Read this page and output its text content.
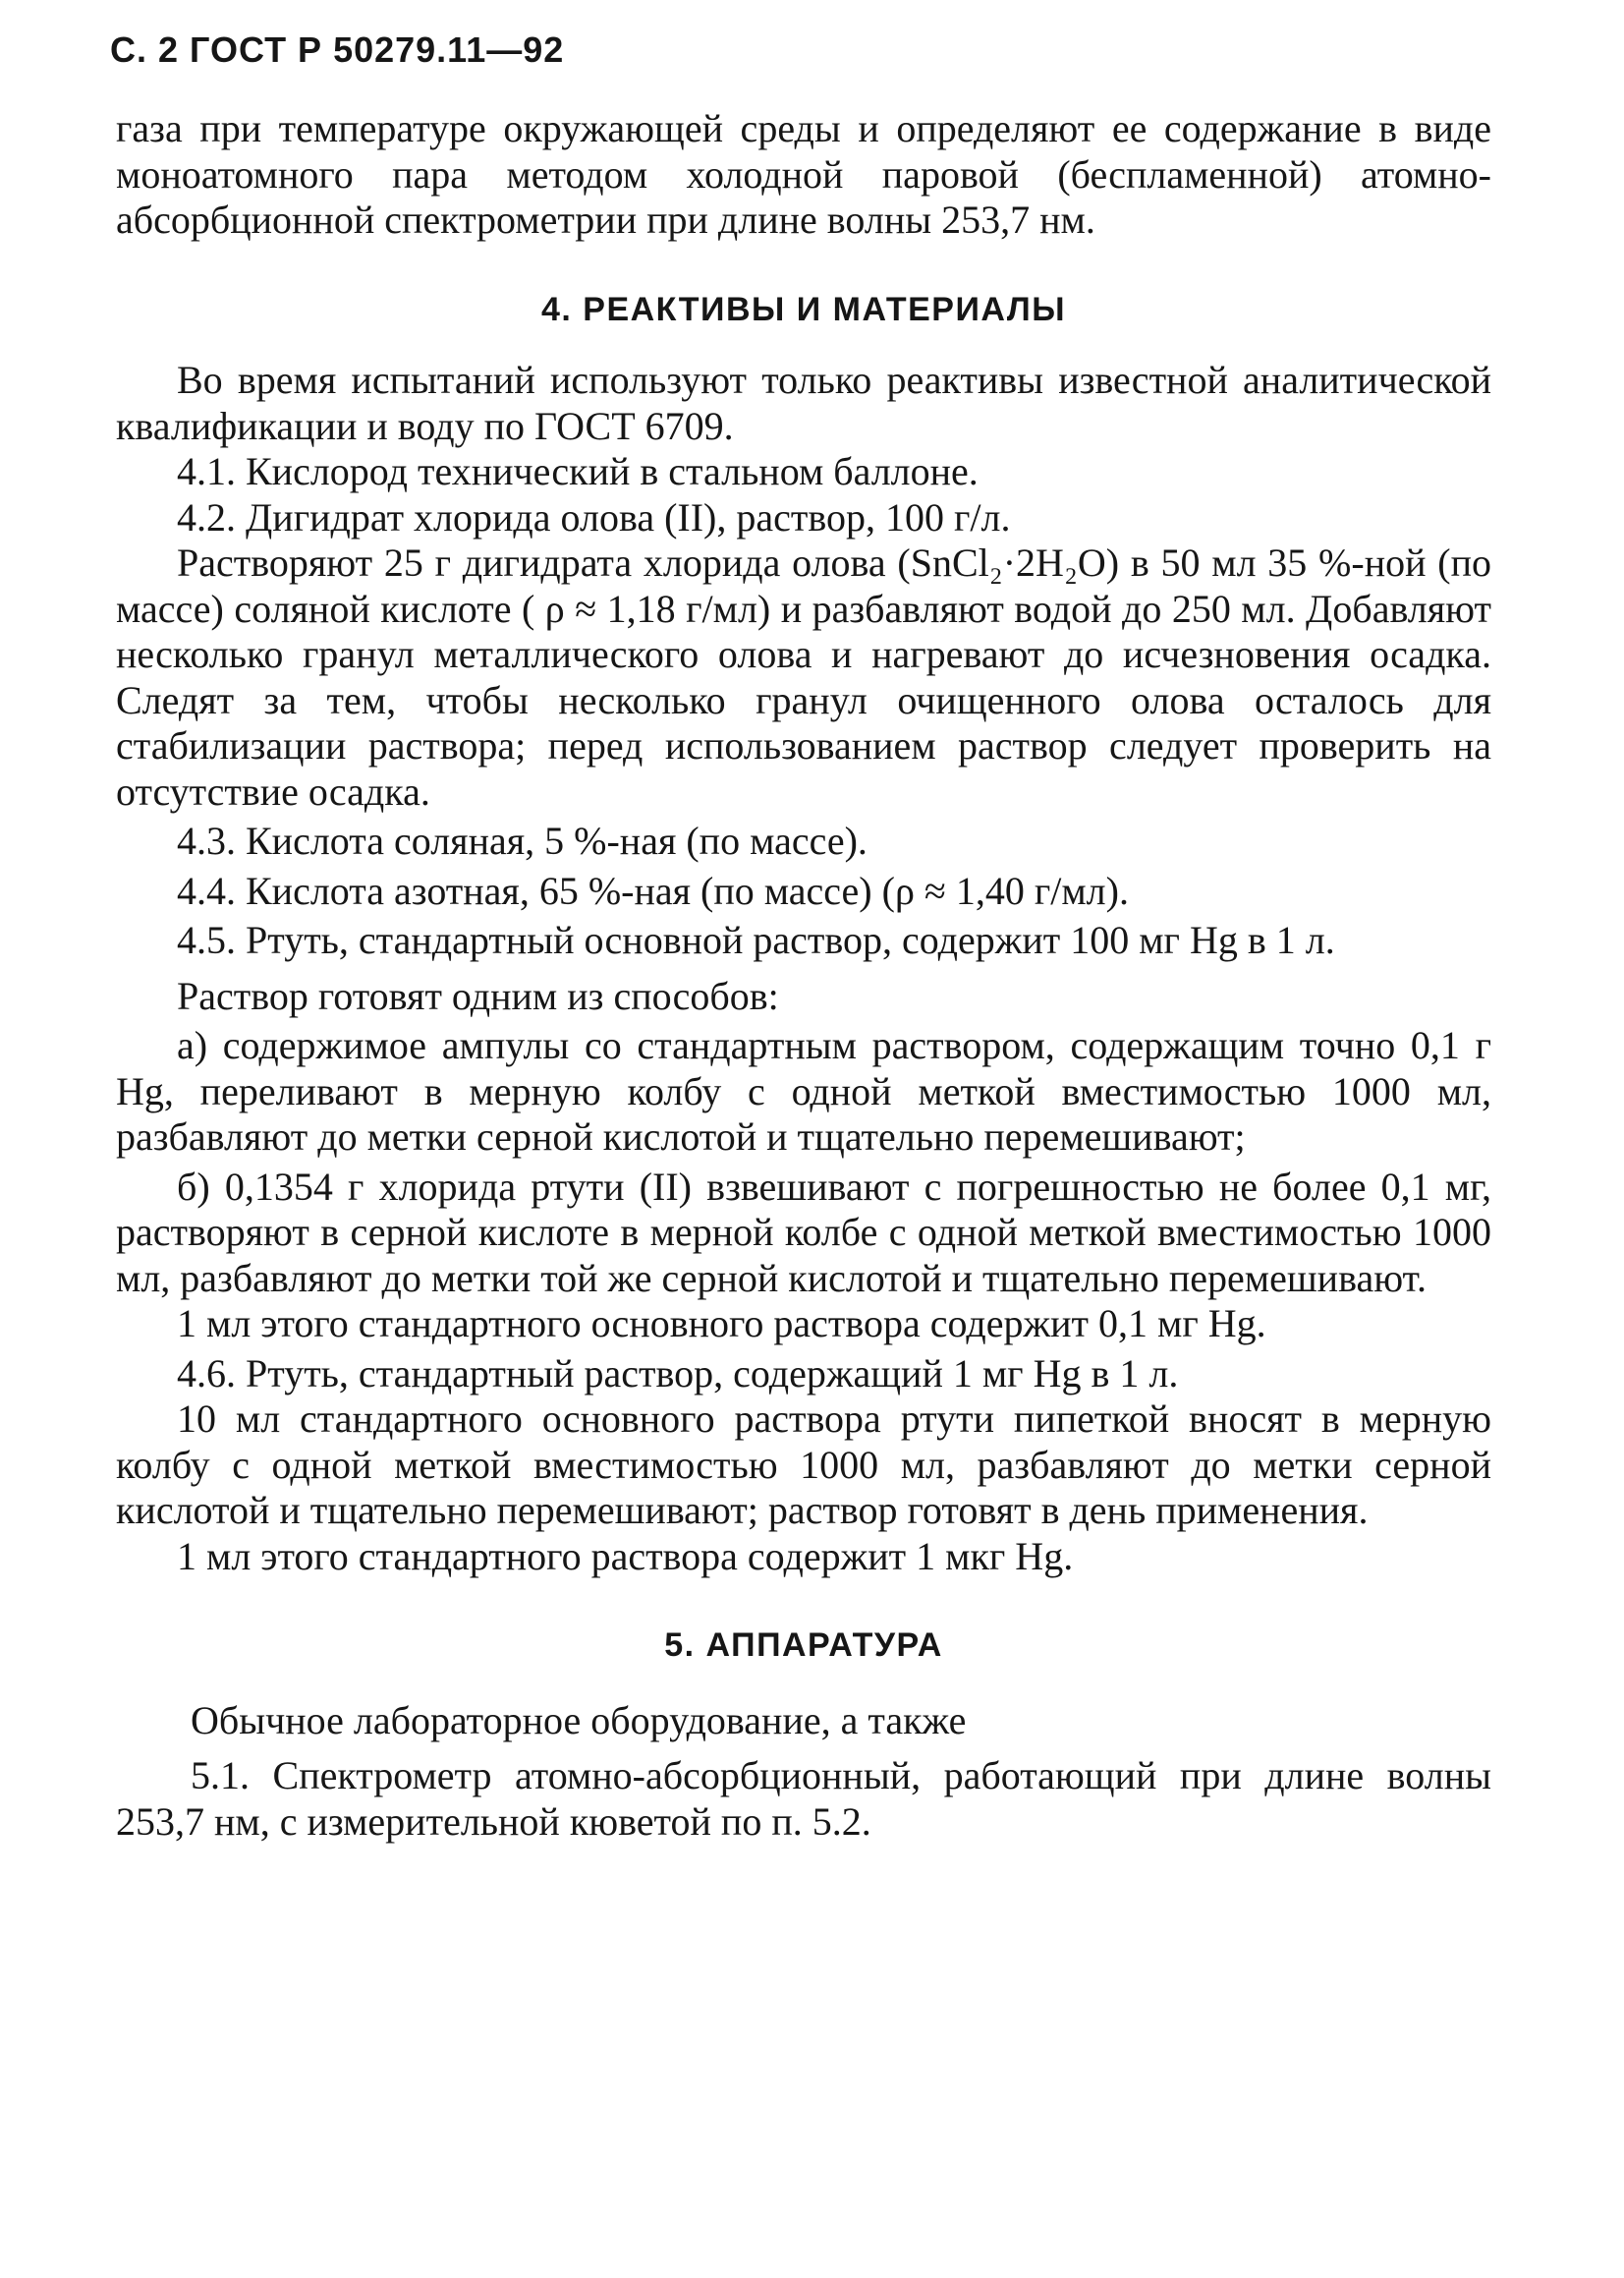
С. 2 ГОСТ Р 50279.11—92

газа при температуре окружающей среды и определяют ее содержание в виде моноатомного пара методом холодной паровой (беспламенной) атомно-абсорбционной спектрометрии при длине волны 253,7 нм.

4. РЕАКТИВЫ И МАТЕРИАЛЫ

Во время испытаний используют только реактивы известной аналитической квалификации и воду по ГОСТ 6709.

4.1. Кислород технический в стальном баллоне.

4.2. Дигидрат хлорида олова (II), раствор, 100 г/л.

Растворяют 25 г дигидрата хлорида олова (SnCl₂·2H₂O) в 50 мл 35 %-ной (по массе) соляной кислоте ( ρ ≈ 1,18 г/мл) и разбавляют водой до 250 мл. Добавляют несколько гранул металлического олова и нагревают до исчезновения осадка. Следят за тем, чтобы несколько гранул очищенного олова осталось для стабилизации раствора; перед использованием раствор следует проверить на отсутствие осадка.

4.3. Кислота соляная, 5 %-ная (по массе).

4.4. Кислота азотная, 65 %-ная (по массе) (ρ ≈ 1,40 г/мл).

4.5. Ртуть, стандартный основной раствор, содержит 100 мг Hg в 1 л.

Раствор готовят одним из способов:

а) содержимое ампулы со стандартным раствором, содержащим точно 0,1 г Hg, переливают в мерную колбу с одной меткой вместимостью 1000 мл, разбавляют до метки серной кислотой и тщательно перемешивают;

б) 0,1354 г хлорида ртути (II) взвешивают с погрешностью не более 0,1 мг, растворяют в серной кислоте в мерной колбе с одной меткой вместимостью 1000 мл, разбавляют до метки той же серной кислотой и тщательно перемешивают.

1 мл этого стандартного основного раствора содержит 0,1 мг Hg.

4.6. Ртуть, стандартный раствор, содержащий 1 мг Hg в 1 л.

10 мл стандартного основного раствора ртути пипеткой вносят в мерную колбу с одной меткой вместимостью 1000 мл, разбавляют до метки серной кислотой и тщательно перемешивают; раствор готовят в день применения.

1 мл этого стандартного раствора содержит 1 мкг Hg.

5. АППАРАТУРА

Обычное лабораторное оборудование, а также

5.1. Спектрометр атомно-абсорбционный, работающий при длине волны 253,7 нм, с измерительной кюветой по п. 5.2.
